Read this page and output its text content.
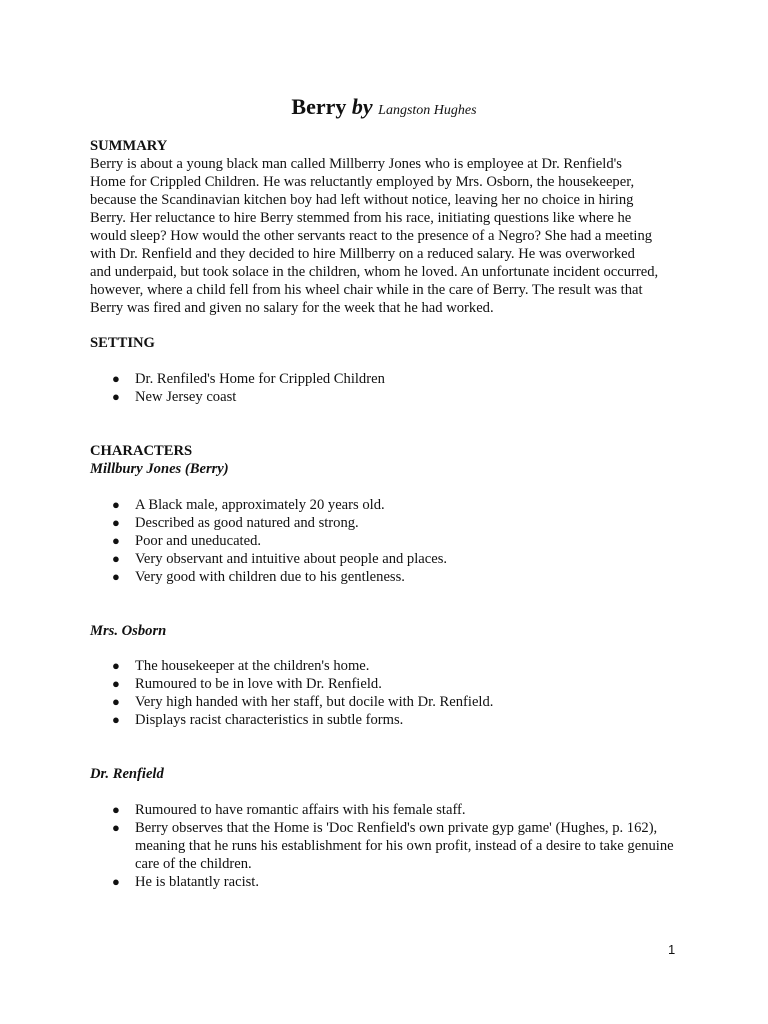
Berry by Langston Hughes
SUMMARY
Berry is about a young black man called Millberry Jones who is employee at Dr. Renfield's
Home for Crippled Children. He was reluctantly employed by Mrs. Osborn, the housekeeper,
because the Scandinavian kitchen boy had left without notice, leaving her no choice in hiring
Berry. Her reluctance to hire Berry stemmed from his race, initiating questions like where he
would sleep? How would the other servants react to the presence of a Negro? She had a meeting
with Dr. Renfield and they decided to hire Millberry on a reduced salary. He was overworked
and underpaid, but took solace in the children, whom he loved. An unfortunate incident occurred,
however, where a child fell from his wheel chair while in the care of Berry. The result was that
Berry was fired and given no salary for the week that he had worked.
SETTING
● Dr. Renfiled's Home for Crippled Children
● New Jersey coast
CHARACTERS
Millbury Jones (Berry)
● A Black male, approximately 20 years old.
● Described as good natured and strong.
● Poor and uneducated.
● Very observant and intuitive about people and places.
● Very good with children due to his gentleness.
Mrs. Osborn
● The housekeeper at the children's home.
● Rumoured to be in love with Dr. Renfield.
● Very high handed with her staff, but docile with Dr. Renfield.
● Displays racist characteristics in subtle forms.
Dr. Renfield
● Rumoured to have romantic affairs with his female staff.
● Berry observes that the Home is 'Doc Renfield's own private gyp game' (Hughes, p. 162), meaning that he runs his establishment for his own profit, instead of a desire to take genuine care of the children.
● He is blatantly racist.
1
